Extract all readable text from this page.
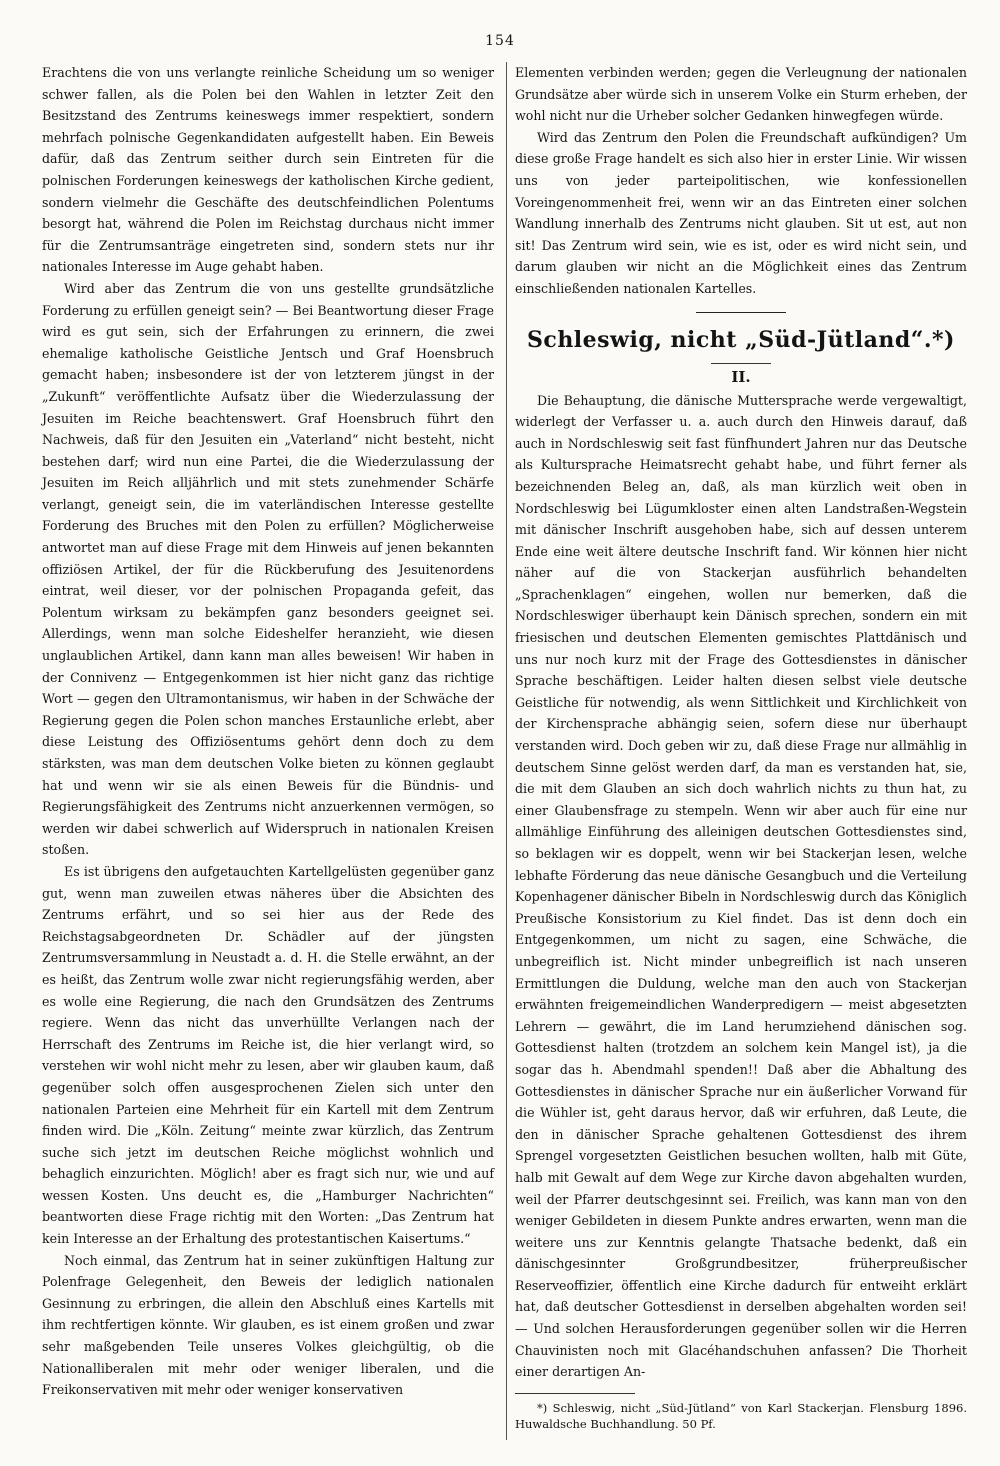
154

Erachtens die von uns verlangte reinliche Scheidung um so weniger schwer fallen, als die Polen bei den Wahlen in letzter Zeit den Besitzstand des Zentrums keineswegs immer respektiert, sondern mehrfach polnische Gegenkandidaten aufgestellt haben. Ein Beweis dafür, daß das Zentrum seither durch sein Eintreten für die polnischen Forderungen keineswegs der katholischen Kirche gedient, sondern vielmehr die Geschäfte des deutschfeindlichen Polentums besorgt hat, während die Polen im Reichstag durchaus nicht immer für die Zentrumsanträge eingetreten sind, sondern stets nur ihr nationales Interesse im Auge gehabt haben.

Wird aber das Zentrum die von uns gestellte grundsätzliche Forderung zu erfüllen geneigt sein? — Bei Beantwortung dieser Frage wird es gut sein, sich der Erfahrungen zu erinnern, die zwei ehemalige katholische Geistliche Jentsch und Graf Hoensbruch gemacht haben; insbesondere ist der von letzterem jüngst in der „Zukunft“ veröffentlichte Aufsatz über die Wiederzulassung der Jesuiten im Reiche beachtenswert. Graf Hoensbruch führt den Nachweis, daß für den Jesuiten ein „Vaterland“ nicht besteht, nicht bestehen darf; wird nun eine Partei, die die Wiederzulassung der Jesuiten im Reich alljährlich und mit stets zunehmender Schärfe verlangt, geneigt sein, die im vaterländischen Interesse gestellte Forderung des Bruches mit den Polen zu erfüllen? Möglicherweise antwortet man auf diese Frage mit dem Hinweis auf jenen bekannten offiziösen Artikel, der für die Rückberufung des Jesuitenordens eintrat, weil dieser, vor der polnischen Propaganda gefeit, das Polentum wirksam zu bekämpfen ganz besonders geeignet sei. Allerdings, wenn man solche Eideshelfer heranzieht, wie diesen unglaublichen Artikel, dann kann man alles beweisen! Wir haben in der Connivenz — Entgegenkommen ist hier nicht ganz das richtige Wort — gegen den Ultramontanismus, wir haben in der Schwäche der Regierung gegen die Polen schon manches Erstaunliche erlebt, aber diese Leistung des Offiziösentums gehört denn doch zu dem stärksten, was man dem deutschen Volke bieten zu können geglaubt hat und wenn wir sie als einen Beweis für die Bündnis- und Regierungsfähigkeit des Zentrums nicht anzuerkennen vermögen, so werden wir dabei schwerlich auf Widerspruch in nationalen Kreisen stoßen.

Es ist übrigens den aufgetauchten Kartellgelüsten gegenüber ganz gut, wenn man zuweilen etwas näheres über die Absichten des Zentrums erfährt, und so sei hier aus der Rede des Reichstagsabgeordneten Dr. Schädler auf der jüngsten Zentrumsversammlung in Neustadt a. d. H. die Stelle erwähnt, an der es heißt, das Zentrum wolle zwar nicht regierungsfähig werden, aber es wolle eine Regierung, die nach den Grundsätzen des Zentrums regiere. Wenn das nicht das unverhüllte Verlangen nach der Herrschaft des Zentrums im Reiche ist, die hier verlangt wird, so verstehen wir wohl nicht mehr zu lesen, aber wir glauben kaum, daß gegenüber solch offen ausgesprochenen Zielen sich unter den nationalen Parteien eine Mehrheit für ein Kartell mit dem Zentrum finden wird. Die „Köln. Zeitung“ meinte zwar kürzlich, das Zentrum suche sich jetzt im deutschen Reiche möglichst wohnlich und behaglich einzurichten. Möglich! aber es fragt sich nur, wie und auf wessen Kosten. Uns deucht es, die „Hamburger Nachrichten“ beantworten diese Frage richtig mit den Worten: „Das Zentrum hat kein Interesse an der Erhaltung des protestantischen Kaisertums.“

Noch einmal, das Zentrum hat in seiner zukünftigen Haltung zur Polenfrage Gelegenheit, den Beweis der lediglich nationalen Gesinnung zu erbringen, die allein den Abschluß eines Kartells mit ihm rechtfertigen könnte. Wir glauben, es ist einem großen und zwar sehr maßgebenden Teile unseres Volkes gleichgültig, ob die Nationalliberalen mit mehr oder weniger liberalen, und die Freikonservativen mit mehr oder weniger konservativen

Elementen verbinden werden; gegen die Verleugnung der nationalen Grundsätze aber würde sich in unserem Volke ein Sturm erheben, der wohl nicht nur die Urheber solcher Gedanken hinwegfegen würde.

Wird das Zentrum den Polen die Freundschaft aufkündigen? Um diese große Frage handelt es sich also hier in erster Linie. Wir wissen uns von jeder parteipolitischen, wie konfessionellen Voreingenommenheit frei, wenn wir an das Eintreten einer solchen Wandlung innerhalb des Zentrums nicht glauben. Sit ut est, aut non sit! Das Zentrum wird sein, wie es ist, oder es wird nicht sein, und darum glauben wir nicht an die Möglichkeit eines das Zentrum einschließenden nationalen Kartelles.

Schleswig, nicht „Süd-Jütland“.*)
II.

Die Behauptung, die dänische Muttersprache werde vergewaltigt, widerlegt der Verfasser u. a. auch durch den Hinweis darauf, daß auch in Nordschleswig seit fast fünfhundert Jahren nur das Deutsche als Kultursprache Heimatsrecht gehabt habe, und führt ferner als bezeichnenden Beleg an, daß, als man kürzlich weit oben in Nordschleswig bei Lügumkloster einen alten Landstraßen-Wegstein mit dänischer Inschrift ausgehoben habe, sich auf dessen unterem Ende eine weit ältere deutsche Inschrift fand. Wir können hier nicht näher auf die von Stackerjan ausführlich behandelten „Sprachenklagen“ eingehen, wollen nur bemerken, daß die Nordschleswiger überhaupt kein Dänisch sprechen, sondern ein mit friesischen und deutschen Elementen gemischtes Plattdänisch und uns nur noch kurz mit der Frage des Gottesdienstes in dänischer Sprache beschäftigen. Leider halten diesen selbst viele deutsche Geistliche für notwendig, als wenn Sittlichkeit und Kirchlichkeit von der Kirchensprache abhängig seien, sofern diese nur überhaupt verstanden wird. Doch geben wir zu, daß diese Frage nur allmählig in deutschem Sinne gelöst werden darf, da man es verstanden hat, sie, die mit dem Glauben an sich doch wahrlich nichts zu thun hat, zu einer Glaubensfrage zu stempeln. Wenn wir aber auch für eine nur allmählige Einführung des alleinigen deutschen Gottesdienstes sind, so beklagen wir es doppelt, wenn wir bei Stackerjan lesen, welche lebhafte Förderung das neue dänische Gesangbuch und die Verteilung Kopenhagener dänischer Bibeln in Nordschleswig durch das Königlich Preußische Konsistorium zu Kiel findet. Das ist denn doch ein Entgegenkommen, um nicht zu sagen, eine Schwäche, die unbegreiflich ist. Nicht minder unbegreiflich ist nach unseren Ermittlungen die Duldung, welche man den auch von Stackerjan erwähnten freigemeindlichen Wanderpredigern — meist abgesetzten Lehrern — gewährt, die im Land herumziehend dänischen sog. Gottesdienst halten (trotzdem an solchem kein Mangel ist), ja die sogar das h. Abendmahl spenden!! Daß aber die Abhaltung des Gottesdienstes in dänischer Sprache nur ein äußerlicher Vorwand für die Wühler ist, geht daraus hervor, daß wir erfuhren, daß Leute, die den in dänischer Sprache gehaltenen Gottesdienst des ihrem Sprengel vorgesetzten Geistlichen besuchen wollten, halb mit Güte, halb mit Gewalt auf dem Wege zur Kirche davon abgehalten wurden, weil der Pfarrer deutschgesinnt sei. Freilich, was kann man von den weniger Gebildeten in diesem Punkte andres erwarten, wenn man die weitere uns zur Kenntnis gelangte Thatsache bedenkt, daß ein dänischgesinnter Großgrundbesitzer, früherpreußischer Reserveoffizier, öffentlich eine Kirche dadurch für entweiht erklärt hat, daß deutscher Gottesdienst in derselben abgehalten worden sei! — Und solchen Herausforderungen gegenüber sollen wir die Herren Chauvinisten noch mit Glacéhandschuhen anfassen? Die Thorheit einer derartigen An-

*) Schleswig, nicht „Süd-Jütland“ von Karl Stackerjan. Flensburg 1896. Huwaldsche Buchhandlung. 50 Pf.
